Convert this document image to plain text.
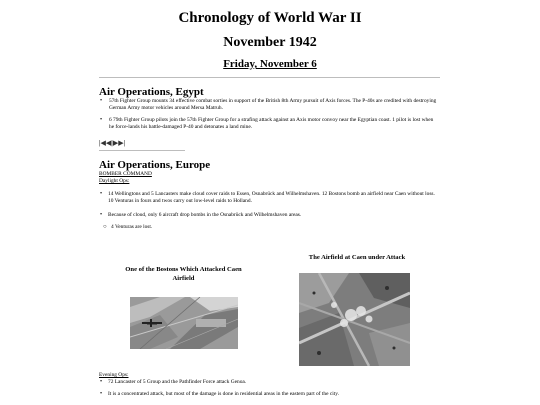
Chronology of World War II
November 1942
Friday, November 6
Air Operations, Egypt
• 57th Fighter Group mounts 34 effective combat sorties in support of the British 8th Army pursuit of Axis forces. The P-40s are credited with destroying German Army motor vehicles around Mersa Matruh.
• 6 79th Fighter Group pilots join the 57th Fighter Group for a strafing attack against an Axis motor convoy near the Egyptian coast. 1 pilot is lost when he force-lands his battle-damaged P-40 and detonates a land mine.
|◀◀|▶▶|
Air Operations, Europe
BOMBER COMMAND
Daylight Ops:
• 14 Wellingtons and 5 Lancasters make cloud cover raids to Essen, Osnabrück and Wilhelmshaven. 12 Bostons bomb an airfield near Caen without loss. 10 Venturas in fours and twos carry out low-level raids to Holland.
• Because of cloud, only 6 aircraft drop bombs in the Osnabrück and Wilhelmshaven areas.
○ 4 Venturas are lost.
One of the Bostons Which Attacked Caen Airfield
The Airfield at Caen under Attack
Evening Ops:
• 72 Lancaster of 5 Group and the Pathfinder Force attack Genoa.
• It is a concentrated attack, but most of the damage is done in residential areas in the eastern part of the city.
